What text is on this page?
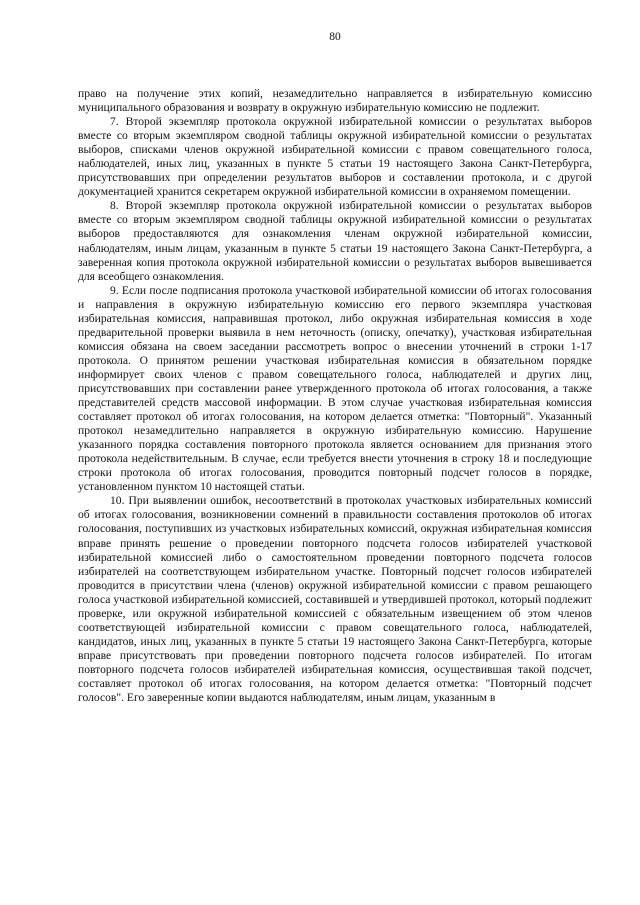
80

право на получение этих копий, незамедлительно направляется в избирательную комиссию муниципального образования и возврату в окружную избирательную комиссию не подлежит.

7. Второй экземпляр протокола окружной избирательной комиссии о результатах выборов вместе со вторым экземпляром сводной таблицы окружной избирательной комиссии о результатах выборов, списками членов окружной избирательной комиссии с правом совещательного голоса, наблюдателей, иных лиц, указанных в пункте 5 статьи 19 настоящего Закона Санкт-Петербурга, присутствовавших при определении результатов выборов и составлении протокола, и с другой документацией хранится секретарем окружной избирательной комиссии в охраняемом помещении.

8. Второй экземпляр протокола окружной избирательной комиссии о результатах выборов вместе со вторым экземпляром сводной таблицы окружной избирательной комиссии о результатах выборов предоставляются для ознакомления членам окружной избирательной комиссии, наблюдателям, иным лицам, указанным в пункте 5 статьи 19 настоящего Закона Санкт-Петербурга, а заверенная копия протокола окружной избирательной комиссии о результатах выборов вывешивается для всеобщего ознакомления.

9. Если после подписания протокола участковой избирательной комиссии об итогах голосования и направления в окружную избирательную комиссию его первого экземпляра участковая избирательная комиссия, направившая протокол, либо окружная избирательная комиссия в ходе предварительной проверки выявила в нем неточность (описку, опечатку), участковая избирательная комиссия обязана на своем заседании рассмотреть вопрос о внесении уточнений в строки 1-17 протокола. О принятом решении участковая избирательная комиссия в обязательном порядке информирует своих членов с правом совещательного голоса, наблюдателей и других лиц, присутствовавших при составлении ранее утвержденного протокола об итогах голосования, а также представителей средств массовой информации. В этом случае участковая избирательная комиссия составляет протокол об итогах голосования, на котором делается отметка: "Повторный". Указанный протокол незамедлительно направляется в окружную избирательную комиссию. Нарушение указанного порядка составления повторного протокола является основанием для признания этого протокола недействительным. В случае, если требуется внести уточнения в строку 18 и последующие строки протокола об итогах голосования, проводится повторный подсчет голосов в порядке, установленном пунктом 10 настоящей статьи.

10. При выявлении ошибок, несоответствий в протоколах участковых избирательных комиссий об итогах голосования, возникновении сомнений в правильности составления протоколов об итогах голосования, поступивших из участковых избирательных комиссий, окружная избирательная комиссия вправе принять решение о проведении повторного подсчета голосов избирателей участковой избирательной комиссией либо о самостоятельном проведении повторного подсчета голосов избирателей на соответствующем избирательном участке. Повторный подсчет голосов избирателей проводится в присутствии члена (членов) окружной избирательной комиссии с правом решающего голоса участковой избирательной комиссией, составившей и утвердившей протокол, который подлежит проверке, или окружной избирательной комиссией с обязательным извещением об этом членов соответствующей избирательной комиссии с правом совещательного голоса, наблюдателей, кандидатов, иных лиц, указанных в пункте 5 статьи 19 настоящего Закона Санкт-Петербурга, которые вправе присутствовать при проведении повторного подсчета голосов избирателей. По итогам повторного подсчета голосов избирателей избирательная комиссия, осуществившая такой подсчет, составляет протокол об итогах голосования, на котором делается отметка: "Повторный подсчет голосов". Его заверенные копии выдаются наблюдателям, иным лицам, указанным в
